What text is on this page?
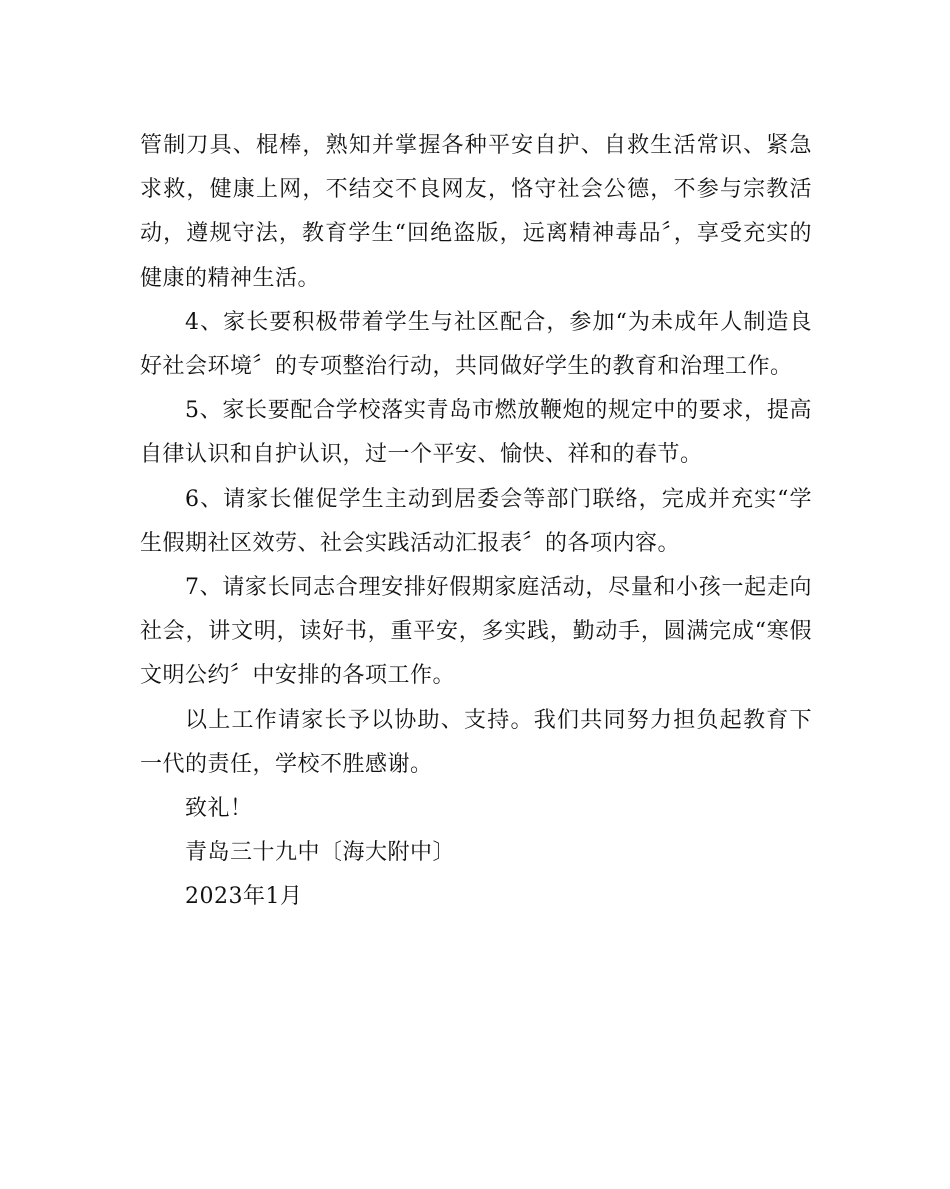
管制刀具、棍棒，熟知并掌握各种平安自护、自救生活常识、紧急求救，健康上网，不结交不良网友，恪守社会公德，不参与宗教活动，遵规守法，教育学生“回绝盗版，远离精神毒品〞，享受充实的健康的精神生活。

4、家长要积极带着学生与社区配合，参加“为未成年人制造良好社会环境〞的专项整治行动，共同做好学生的教育和治理工作。

5、家长要配合学校落实青岛市燃放鞭炮的规定中的要求，提高自律认识和自护认识，过一个平安、愉快、祥和的春节。

6、请家长催促学生主动到居委会等部门联络，完成并充实“学生假期社区效劳、社会实践活动汇报表〞的各项内容。

7、请家长同志合理安排好假期家庭活动，尽量和小孩一起走向社会，讲文明，读好书，重平安，多实践，勤动手，圆满完成“寒假文明公约〞中安排的各项工作。

以上工作请家长予以协助、支持。我们共同努力担负起教育下一代的责任，学校不胜感谢。

致礼！

青岛三十九中〔海大附中〕

2023年1月
